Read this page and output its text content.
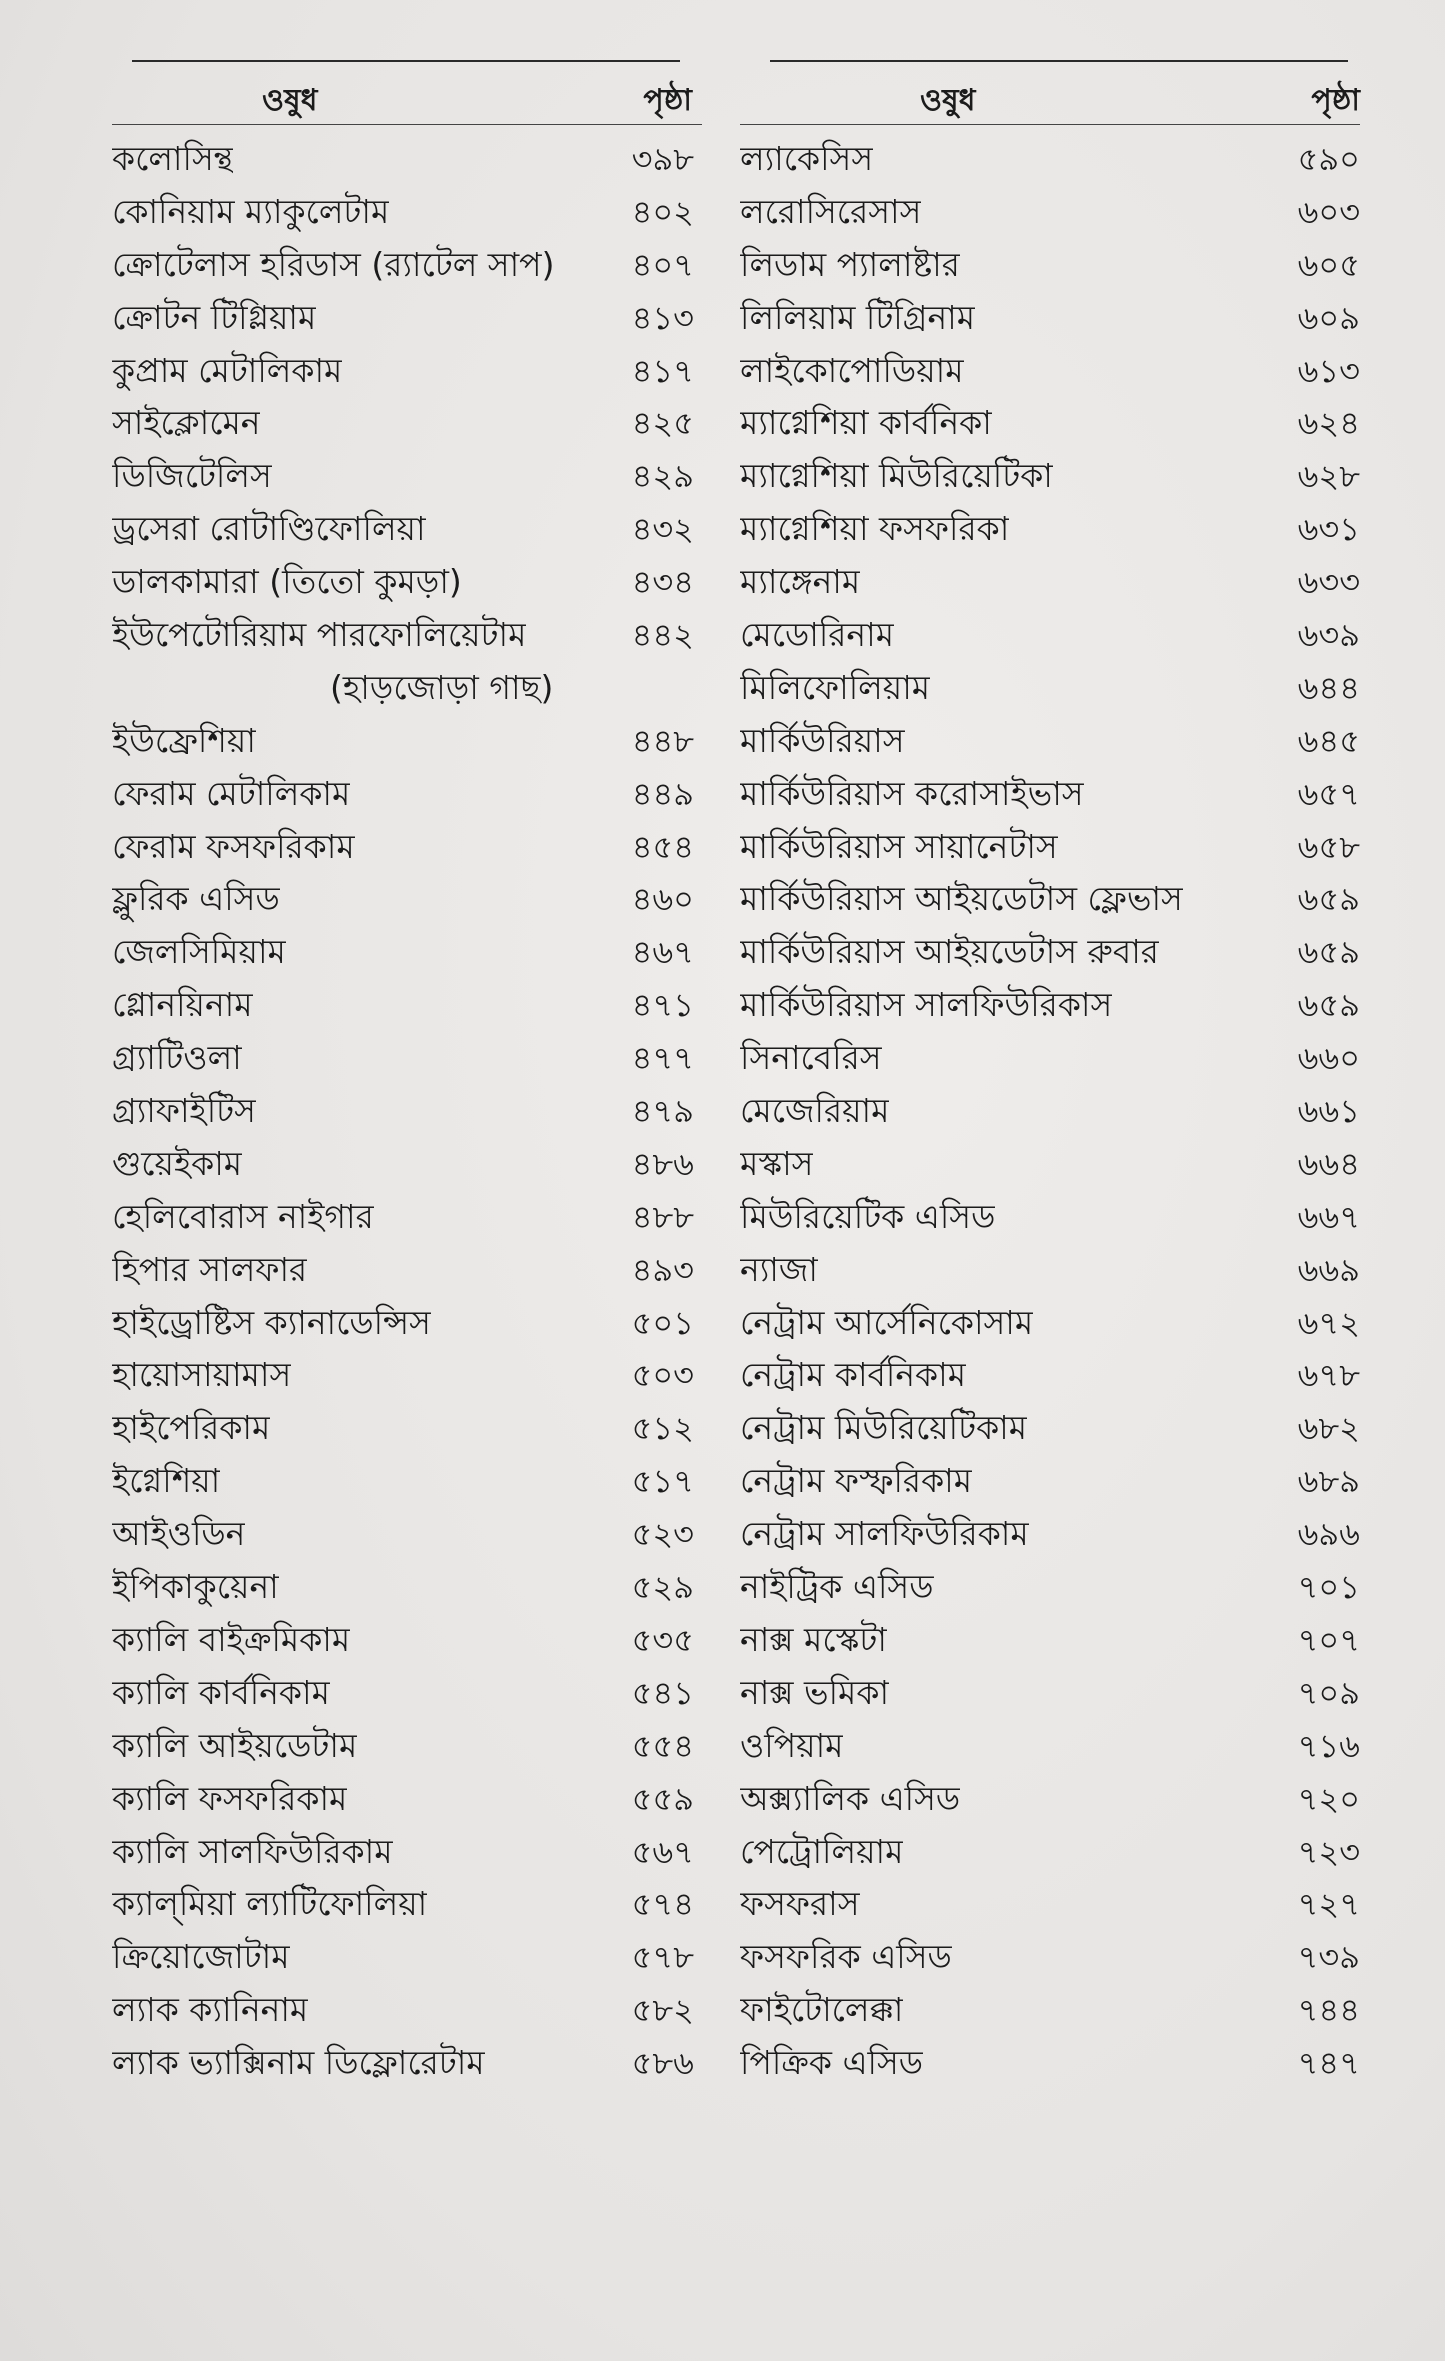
ওষুধ	পৃষ্ঠা
কলোসিন্থ	৩৯৮
কোনিয়াম ম্যাকুলেটাম	৪০২
ক্রোটেলাস হরিডাস (র‍্যাটেল সাপ) ৪০৭
ক্রোটন টিগ্লিয়াম	৪১৩
কুপ্রাম মেটালিকাম	৪১৭
সাইক্লোমেন	৪২৫
ডিজিটেলিস	৪২৯
ড্রসেরা রোটাণ্ডিফোলিয়া	৪৩২
ডালকামারা (তিতো কুমড়া)	৪৩৪
ইউপেটোরিয়াম পারফোলিয়েটাম	৪৪২
(হাড়জোড়া গাছ)
ইউফ্রেশিয়া	৪৪৮
ফেরাম মেটালিকাম	৪৪৯
ফেরাম ফসফরিকাম	৪৫৪
ফ্লুরিক এসিড	৪৬০
জেলসিমিয়াম	৪৬৭
গ্লোনয়িনাম	৪৭১
গ্র্যাটিওলা	৪৭৭
গ্র্যাফাইটিস	৪৭৯
গুয়েইকাম	৪৮৬
হেলিবোরাস নাইগার	৪৮৮
হিপার সালফার	৪৯৩
হাইড্রোষ্টিস ক্যানাডেন্সিস	৫০১
হায়োসায়ামাস	৫০৩
হাইপেরিকাম	৫১২
ইগ্নেশিয়া	৫১৭
আইওডিন	৫২৩
ইপিকাকুয়েনা	৫২৯
ক্যালি বাইক্রমিকাম	৫৩৫
ক্যালি কার্বনিকাম	৫৪১
ক্যালি আইয়ডেটাম	৫৫৪
ক্যালি ফসফরিকাম	৫৫৯
ক্যালি সালফিউরিকাম	৫৬৭
ক্যাল্‌মিয়া ল্যাটিফোলিয়া	৫৭৪
ক্রিয়োজোটাম	৫৭৮
ল্যাক ক্যানিনাম	৫৮২
ল্যাক ভ্যাক্সিনাম ডিফ্লোরেটাম	৫৮৬
ওষুধ	পৃষ্ঠা
ল্যাকেসিস	৫৯০
লরোসিরেসাস	৬০৩
লিডাম প্যালাষ্টার	৬০৫
লিলিয়াম টিগ্রিনাম	৬০৯
লাইকোপোডিয়াম	৬১৩
ম্যাগ্নেশিয়া কার্বনিকা	৬২৪
ম্যাগ্নেশিয়া মিউরিয়েটিকা	৬২৮
ম্যাগ্নেশিয়া ফসফরিকা	৬৩১
ম্যাঙ্গেনাম	৬৩৩
মেডোরিনাম	৬৩৯
মিলিফোলিয়াম	৬৪৪
মার্কিউরিয়াস	৬৪৫
মার্কিউরিয়াস করোসাইভাস	৬৫৭
মার্কিউরিয়াস সায়ানেটাস	৬৫৮
মার্কিউরিয়াস আইয়ডেটাস ফ্লেভাস	৬৫৯
মার্কিউরিয়াস আইয়ডেটাস রুবার	৬৫৯
মার্কিউরিয়াস সালফিউরিকাস	৬৫৯
সিনাবেরিস	৬৬০
মেজেরিয়াম	৬৬১
মস্কাস	৬৬৪
মিউরিয়েটিক এসিড	৬৬৭
ন্যাজা	৬৬৯
নেট্রাম আর্সেনিকোসাম	৬৭২
নেট্রাম কার্বনিকাম	৬৭৮
নেট্রাম মিউরিয়েটিকাম	৬৮২
নেট্রাম ফস্ফরিকাম	৬৮৯
নেট্রাম সালফিউরিকাম	৬৯৬
নাইট্রিক এসিড	৭০১
নাক্স মস্কেটা	৭০৭
নাক্স ভমিকা	৭০৯
ওপিয়াম	৭১৬
অক্স্যালিক এসিড	৭২০
পেট্রোলিয়াম	৭২৩
ফসফরাস	৭২৭
ফসফরিক এসিড	৭৩৯
ফাইটোলেক্কা	৭৪৪
পিক্রিক এসিড	৭৪৭
